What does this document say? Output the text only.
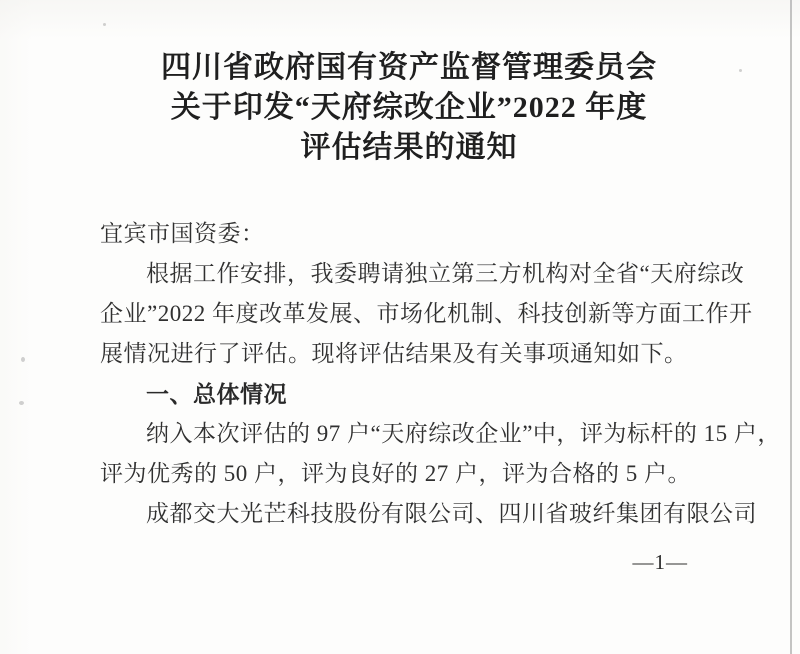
四川省政府国有资产监督管理委员会
关于印发“天府综改企业”2022 年度
评估结果的通知

宜宾市国资委：

根据工作安排，我委聘请独立第三方机构对全省“天府综改

企业”2022 年度改革发展、市场化机制、科技创新等方面工作开

展情况进行了评估。现将评估结果及有关事项通知如下。

一、总体情况

纳入本次评估的 97 户“天府综改企业”中，评为标杆的 15 户，

评为优秀的 50 户，评为良好的 27 户，评为合格的 5 户。

成都交大光芒科技股份有限公司、四川省玻纤集团有限公司

—1—
